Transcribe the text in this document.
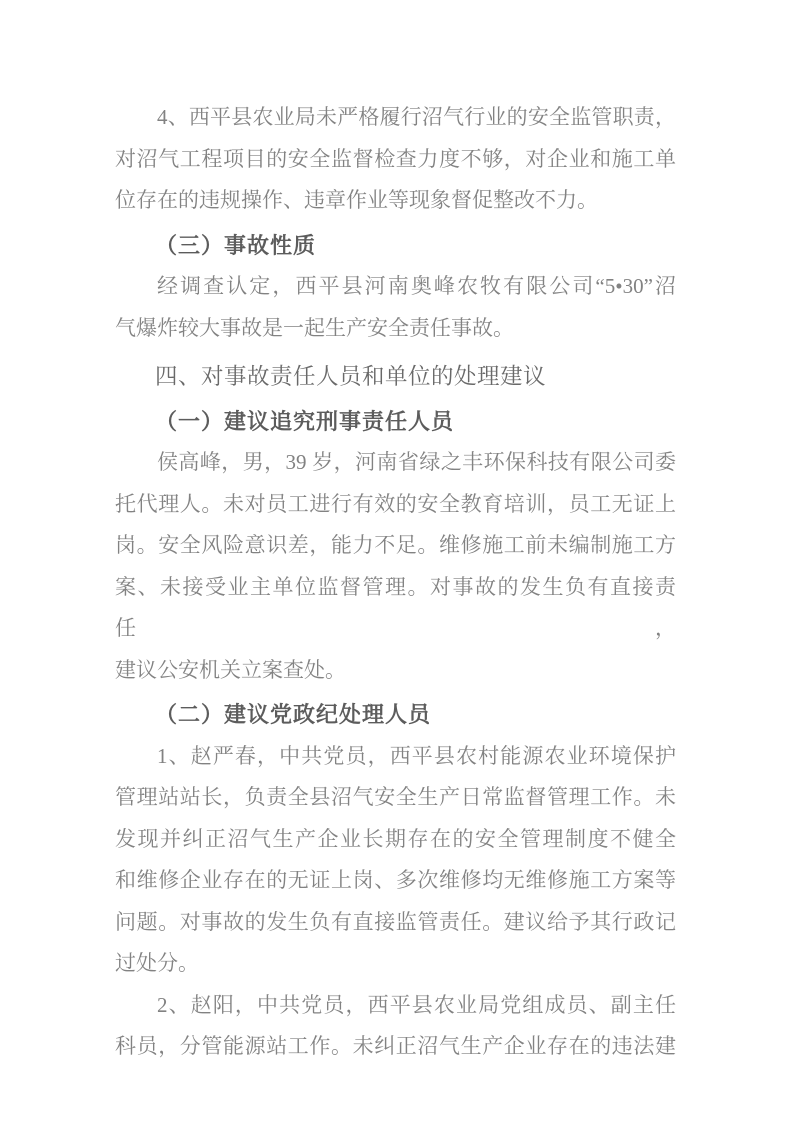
4、西平县农业局未严格履行沼气行业的安全监管职责，
对沼气工程项目的安全监督检查力度不够，对企业和施工单
位存在的违规操作、违章作业等现象督促整改不力。
（三）事故性质
经调查认定，西平县河南奥峰农牧有限公司“5•30”沼
气爆炸较大事故是一起生产安全责任事故。
四、对事故责任人员和单位的处理建议
（一）建议追究刑事责任人员
侯高峰，男，39 岁，河南省绿之丰环保科技有限公司委
托代理人。未对员工进行有效的安全教育培训，员工无证上
岗。安全风险意识差，能力不足。维修施工前未编制施工方
案、未接受业主单位监督管理。对事故的发生负有直接责任，
建议公安机关立案查处。
（二）建议党政纪处理人员
1、赵严春，中共党员，西平县农村能源农业环境保护
管理站站长，负责全县沼气安全生产日常监督管理工作。未
发现并纠正沼气生产企业长期存在的安全管理制度不健全
和维修企业存在的无证上岗、多次维修均无维修施工方案等
问题。对事故的发生负有直接监管责任。建议给予其行政记
过处分。
2、赵阳，中共党员，西平县农业局党组成员、副主任
科员，分管能源站工作。未纠正沼气生产企业存在的违法建
